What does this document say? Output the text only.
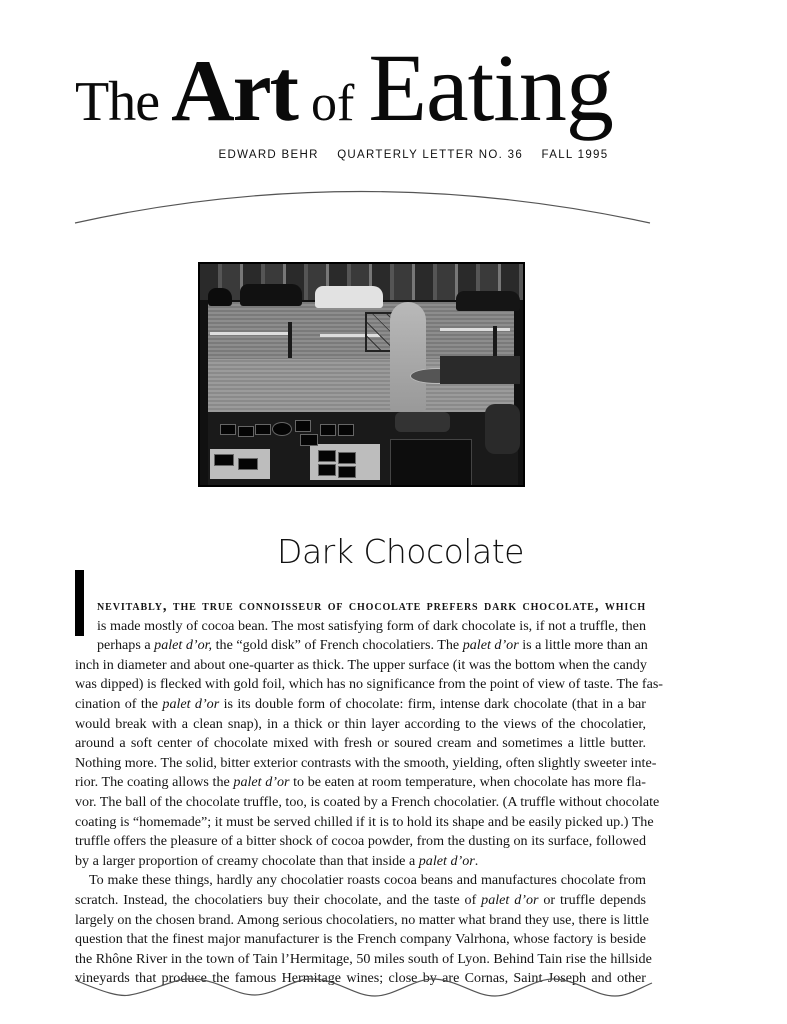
The Art of Eating
EDWARD BEHR QUARTERLY LETTER NO. 36 FALL 1995
Dark Chocolate
nevitably, the true connoisseur of chocolate prefers dark chocolate, which
is made mostly of cocoa bean. The most satisfying form of dark chocolate is, if not a truffle, then
perhaps a palet d’or, the “gold disk” of French chocolatiers. The palet d’or is a little more than an
inch in diameter and about one-quarter as thick. The upper surface (it was the bottom when the candy
was dipped) is flecked with gold foil, which has no significance from the point of view of taste. The fas-
cination of the palet d’or is its double form of chocolate: firm, intense dark chocolate (that in a bar
would break with a clean snap), in a thick or thin layer according to the views of the chocolatier,
around a soft center of chocolate mixed with fresh or soured cream and sometimes a little butter.
Nothing more. The solid, bitter exterior contrasts with the smooth, yielding, often slightly sweeter inte-
rior. The coating allows the palet d’or to be eaten at room temperature, when chocolate has more fla-
vor. The ball of the chocolate truffle, too, is coated by a French chocolatier. (A truffle without chocolate
coating is “homemade”; it must be served chilled if it is to hold its shape and be easily picked up.) The
truffle offers the pleasure of a bitter shock of cocoa powder, from the dusting on its surface, followed
by a larger proportion of creamy chocolate than that inside a palet d’or.
To make these things, hardly any chocolatier roasts cocoa beans and manufactures chocolate from
scratch. Instead, the chocolatiers buy their chocolate, and the taste of palet d’or or truffle depends
largely on the chosen brand. Among serious chocolatiers, no matter what brand they use, there is little
question that the finest major manufacturer is the French company Valrhona, whose factory is beside
the Rhône River in the town of Tain l’Hermitage, 50 miles south of Lyon. Behind Tain rise the hillside
vineyards that produce the famous Hermitage wines; close by are Cornas, Saint Joseph and other
